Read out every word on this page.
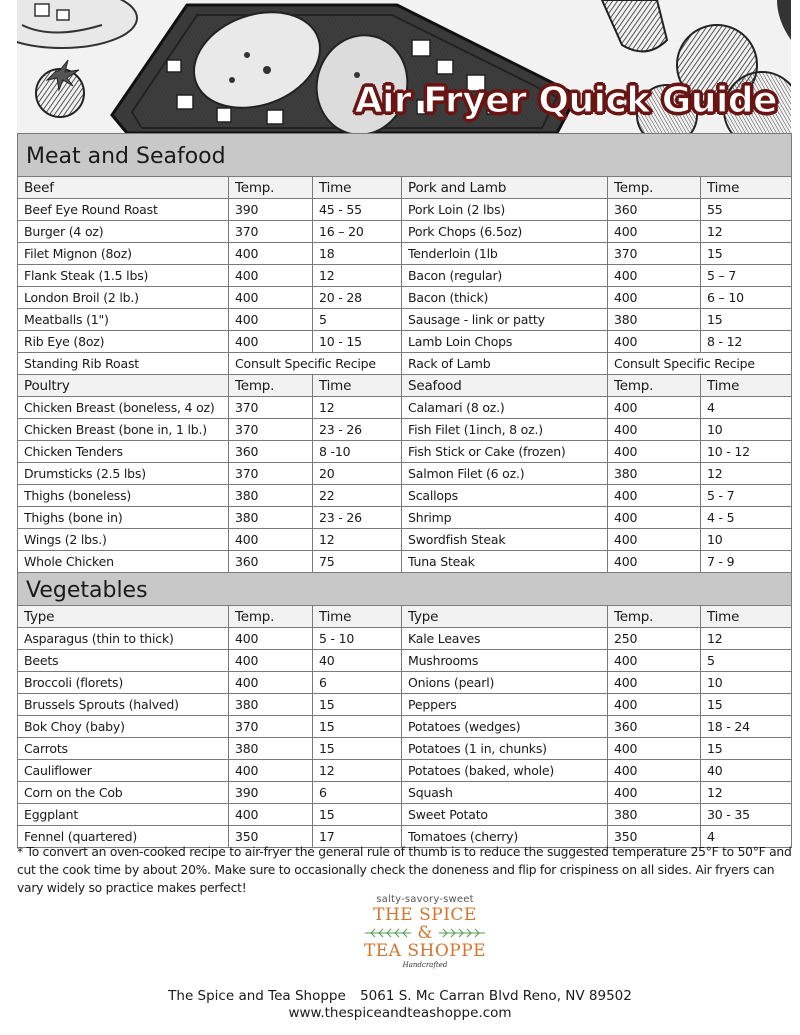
Air Fryer Quick Guide
Meat and Seafood					
Beef	Temp.	Time	Pork and Lamb	Temp.	Time
Beef Eye Round Roast	390	45 - 55	Pork Loin (2 lbs)	360	55
Burger (4 oz)	370	16 – 20	Pork Chops (6.5oz)	400	12
Filet Mignon (8oz)	400	18	Tenderloin (1lb	370	15
Flank Steak (1.5 lbs)	400	12	Bacon (regular)	400	5 – 7
London Broil (2 lb.)	400	20 - 28	Bacon (thick)	400	6 – 10
Meatballs (1")	400	5	Sausage - link or patty	380	15
Rib Eye (8oz)	400	10 - 15	Lamb Loin Chops	400	8 - 12
Standing Rib Roast	Consult Specific Recipe		Rack of Lamb	Consult Specific Recipe	
Poultry	Temp.	Time	Seafood	Temp.	Time
Chicken Breast (boneless, 4 oz)	370	12	Calamari (8 oz.)	400	4
Chicken Breast (bone in, 1 lb.)	370	23 - 26	Fish Filet (1inch, 8 oz.)	400	10
Chicken Tenders	360	8 -10	Fish Stick or Cake (frozen)	400	10 - 12
Drumsticks (2.5 lbs)	370	20	Salmon Filet (6 oz.)	380	12
Thighs (boneless)	380	22	Scallops	400	5 - 7
Thighs (bone in)	380	23 - 26	Shrimp	400	4 - 5
Wings (2 lbs.)	400	12	Swordfish Steak	400	10
Whole Chicken	360	75	Tuna Steak	400	7 - 9
Vegetables					
Type	Temp.	Time	Type	Temp.	Time
Asparagus (thin to thick)	400	5 - 10	Kale Leaves	250	12
Beets	400	40	Mushrooms	400	5
Broccoli (florets)	400	6	Onions (pearl)	400	10
Brussels Sprouts (halved)	380	15	Peppers	400	15
Bok Choy (baby)	370	15	Potatoes (wedges)	360	18 - 24
Carrots	380	15	Potatoes (1 in, chunks)	400	15
Cauliflower	400	12	Potatoes (baked, whole)	400	40
Corn on the Cob	390	6	Squash	400	12
Eggplant	400	15	Sweet Potato	380	30 - 35
Fennel (quartered)	350	17	Tomatoes (cherry)	350	4
* To convert an oven-cooked recipe to air-fryer the general rule of thumb is to reduce the suggested temperature 25°F to 50°F and cut the cook time by about 20%. Make sure to occasionally check the doneness and flip for crispiness on all sides. Air fryers can vary widely so practice makes perfect!
salty-savory-sweet
THE SPICE
&
TEA SHOPPE
Handcrafted
The Spice and Tea Shoppe 5061 S. Mc Carran Blvd Reno, NV 89502
www.thespiceandteashoppe.com
